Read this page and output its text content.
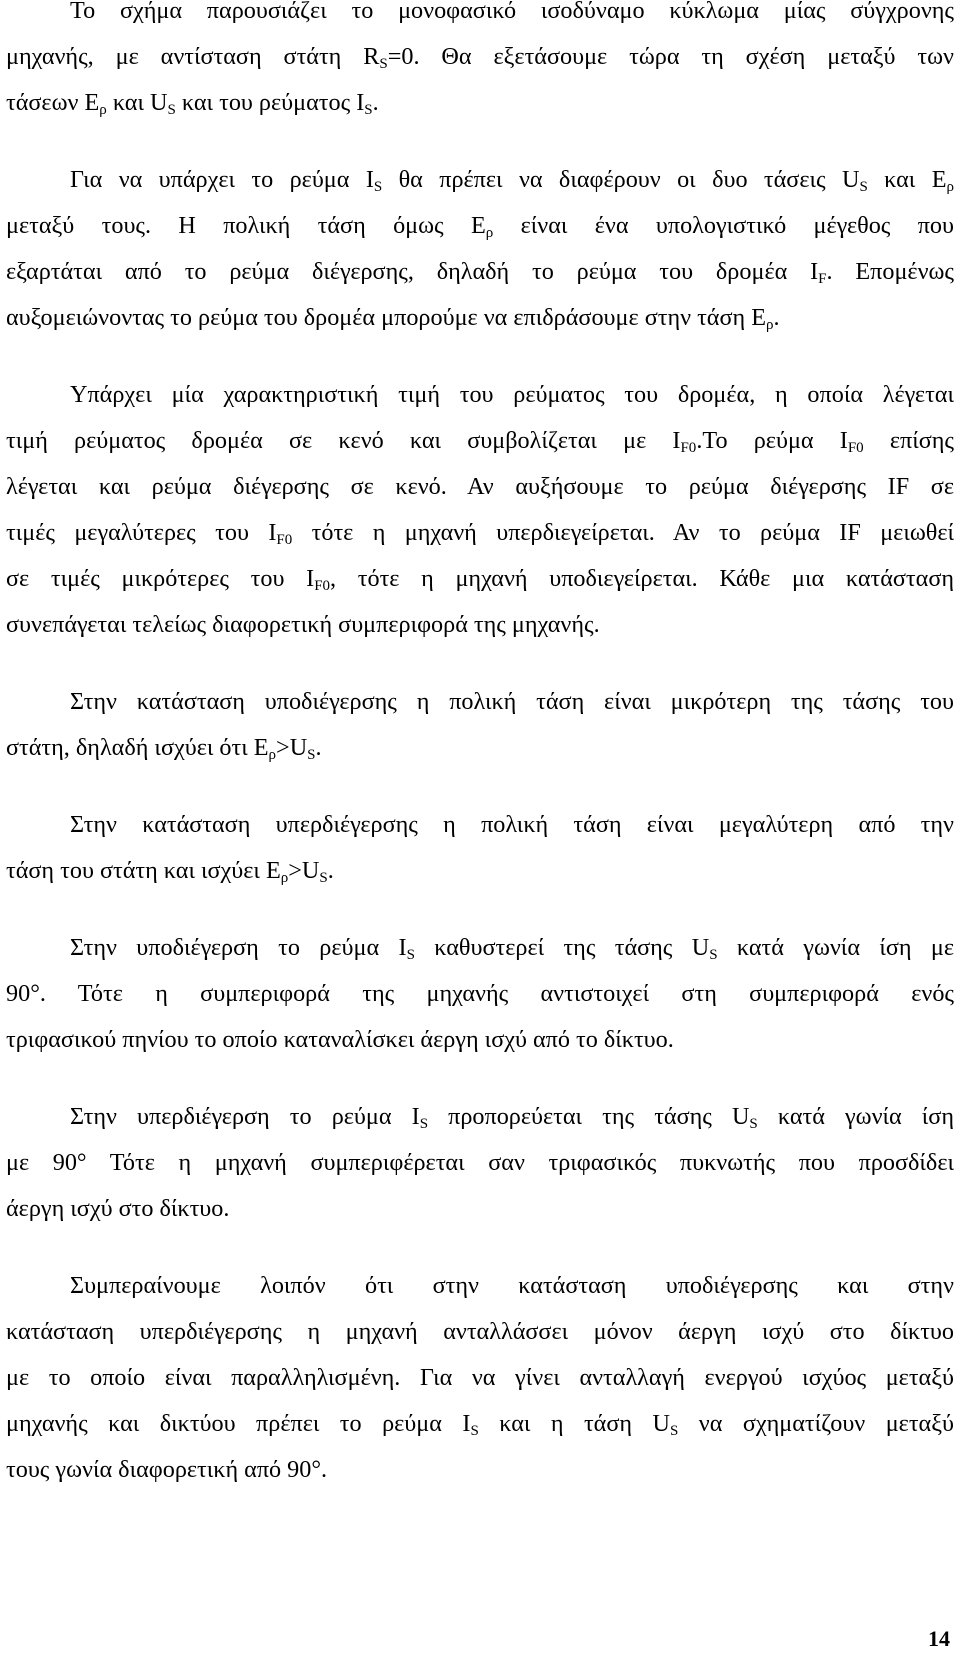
Το σχήμα παρουσιάζει το μονοφασικό ισοδύναμο κύκλωμα μίας σύγχρονης
μηχανής, με αντίσταση στάτη $R_S=0$. Θα εξετάσουμε τώρα τη σχέση μεταξύ των
τάσεων $E_\rho$ και $U_S$ και του ρεύματος $I_S$.
Για να υπάρχει το ρεύμα $I_S$ θα πρέπει να διαφέρουν οι δυο τάσεις $U_S$ και $E_\rho$
μεταξύ τους. Η πολική τάση όμως $E_\rho$ είναι ένα υπολογιστικό μέγεθος που
εξαρτάται από το ρεύμα διέγερσης, δηλαδή το ρεύμα του δρομέα $I_F$. Επομένως
αυξομειώνοντας το ρεύμα του δρομέα μπορούμε να επιδράσουμε στην τάση $E_\rho$.
Υπάρχει μία χαρακτηριστική τιμή του ρεύματος του δρομέα, η οποία λέγεται
τιμή ρεύματος δρομέα σε κενό και συμβολίζεται με $I_{F0}.To$ ρεύμα $I_{F0}$ επίσης
λέγεται και ρεύμα διέγερσης σε κενό. Αν αυξήσουμε το ρεύμα διέγερσης IF σε
τιμές μεγαλύτερες του $I_{F0}$ τότε η μηχανή υπερδιεγείρεται. Αν το ρεύμα IF μειωθεί
σε τιμές μικρότερες του $I_{F0}$, τότε η μηχανή υποδιεγείρεται. Κάθε μια κατάσταση
συνεπάγεται τελείως διαφορετική συμπεριφορά της μηχανής.
Στην κατάσταση υποδιέγερσης η πολική τάση είναι μικρότερη της τάσης του
στάτη, δηλαδή ισχύει ότι $E_\rho>U_S$.
Στην κατάσταση υπερδιέγερσης η πολική τάση είναι μεγαλύτερη από την
τάση του στάτη και ισχύει $E_\rho>U_S$.
Στην υποδιέγερση το ρεύμα $I_S$ καθυστερεί της τάσης $U_S$ κατά γωνία ίση με
90°. Τότε η συμπεριφορά της μηχανής αντιστοιχεί στη συμπεριφορά ενός
τριφασικού πηνίου το οποίο καταναλίσκει άεργη ισχύ από το δίκτυο.
Στην υπερδιέγερση το ρεύμα $I_S$ προπορεύεται της τάσης $U_S$ κατά γωνία ίση
με 90° Τότε η μηχανή συμπεριφέρεται σαν τριφασικός πυκνωτής που προσδίδει
άεργη ισχύ στο δίκτυο.
Συμπεραίνουμε λοιπόν ότι στην κατάσταση υποδιέγερσης και στην
κατάσταση υπερδιέγερσης η μηχανή ανταλλάσσει μόνον άεργη ισχύ στο δίκτυο
με το οποίο είναι παραλληλισμένη. Για να γίνει ανταλλαγή ενεργού ισχύος μεταξύ
μηχανής και δικτύου πρέπει το ρεύμα $I_S$ και η τάση $U_S$ να σχηματίζουν μεταξύ
τους γωνία διαφορετική από 90°.
14
